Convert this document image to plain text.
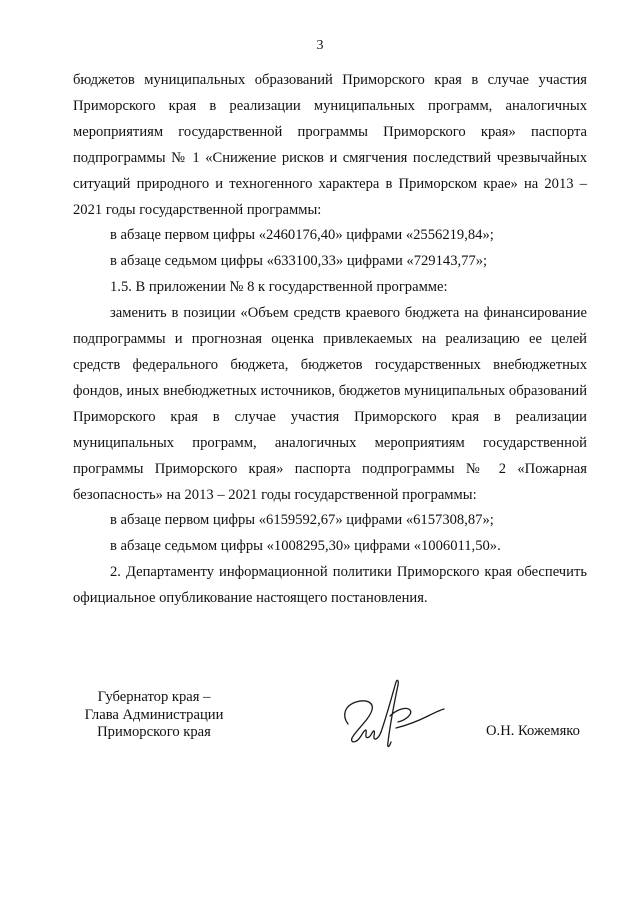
3

бюджетов муниципальных образований Приморского края в случае участия Приморского края в реализации муниципальных программ, аналогичных мероприятиям государственной программы Приморского края» паспорта подпрограммы № 1 «Снижение рисков и смягчения последствий чрезвычайных ситуаций природного и техногенного характера в Приморском крае» на 2013 – 2021 годы государственной программы:

в абзаце первом цифры «2460176,40» цифрами «2556219,84»;

в абзаце седьмом цифры «633100,33» цифрами «729143,77»;

1.5. В приложении № 8 к государственной программе:

заменить в позиции «Объем средств краевого бюджета на финансирование подпрограммы и прогнозная оценка привлекаемых на реализацию ее целей средств федерального бюджета, бюджетов государственных внебюджетных фондов, иных внебюджетных источников, бюджетов муниципальных образований Приморского края в случае участия Приморского края в реализации муниципальных программ, аналогичных мероприятиям государственной программы Приморского края» паспорта подпрограммы № 2 «Пожарная безопасность» на 2013 – 2021 годы государственной программы:

в абзаце первом цифры «6159592,67» цифрами «6157308,87»;

в абзаце седьмом цифры «1008295,30» цифрами «1006011,50».

2. Департаменту информационной политики Приморского края обеспечить официальное опубликование настоящего постановления.

Губернатор края –
Глава Администрации
Приморского края	О.Н. Кожемяко
